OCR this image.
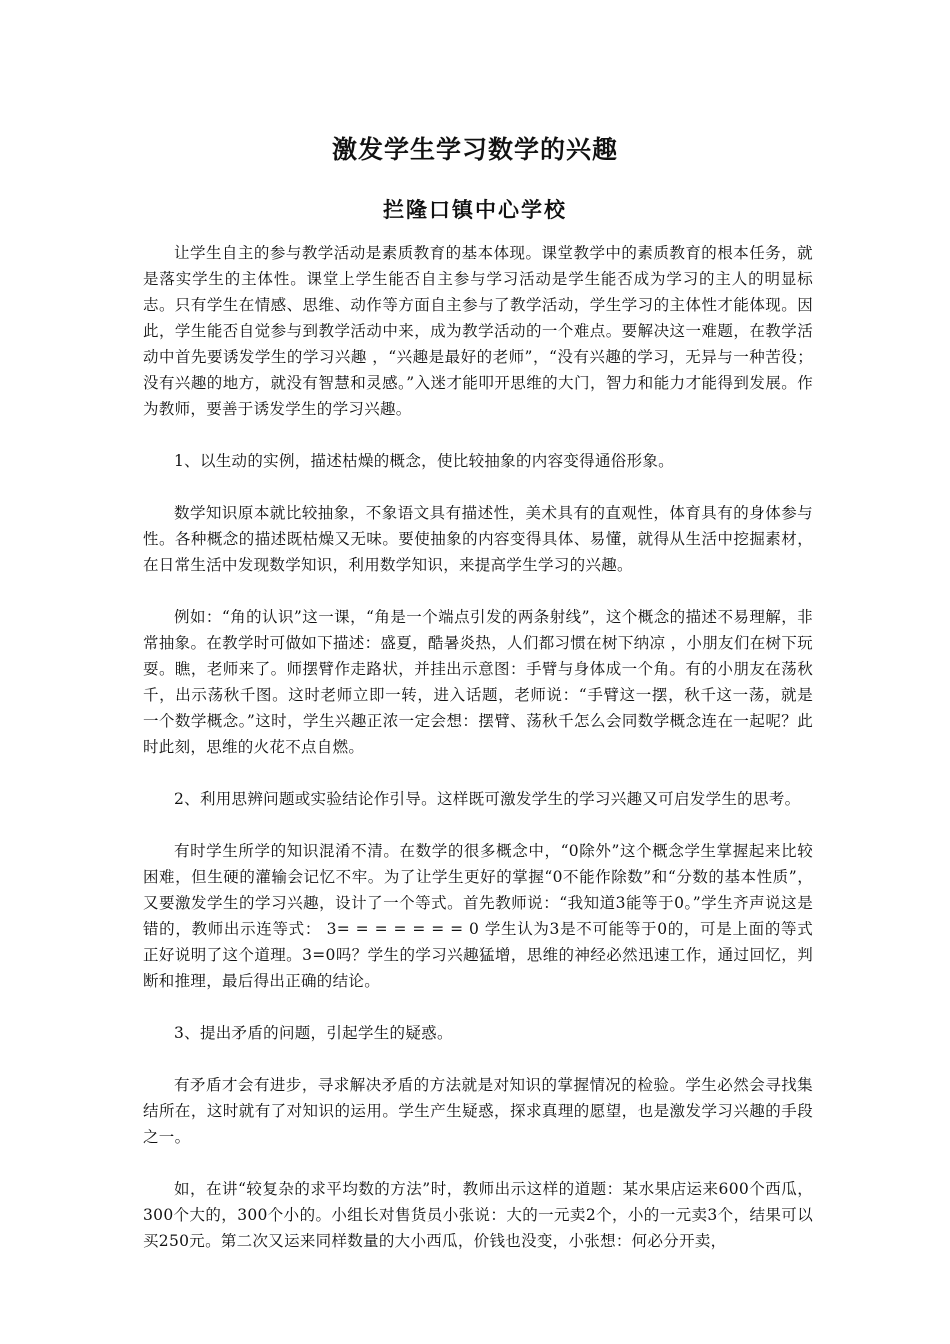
激发学生学习数学的兴趣
拦隆口镇中心学校

让学生自主的参与教学活动是素质教育的基本体现。课堂教学中的素质教育的根本任务，就是落实学生的主体性。课堂上学生能否自主参与学习活动是学生能否成为学习的主人的明显标志。只有学生在情感、思维、动作等方面自主参与了教学活动，学生学习的主体性才能体现。因此，学生能否自觉参与到教学活动中来，成为教学活动的一个难点。要解决这一难题，在教学活动中首先要诱发学生的学习兴趣 ，“兴趣是最好的老师”，“没有兴趣的学习，无异与一种苦役；没有兴趣的地方，就没有智慧和灵感。”入迷才能叩开思维的大门，智力和能力才能得到发展。作为教师，要善于诱发学生的学习兴趣。

1、以生动的实例，描述枯燥的概念，使比较抽象的内容变得通俗形象。

数学知识原本就比较抽象，不象语文具有描述性，美术具有的直观性，体育具有的身体参与性。各种概念的描述既枯燥又无味。要使抽象的内容变得具体、易懂，就得从生活中挖掘素材，在日常生活中发现数学知识，利用数学知识，来提高学生学习的兴趣。

例如：“角的认识”这一课，“角是一个端点引发的两条射线”，这个概念的描述不易理解，非常抽象。在教学时可做如下描述：盛夏，酷暑炎热，人们都习惯在树下纳凉 ，小朋友们在树下玩耍。瞧，老师来了。师摆臂作走路状，并挂出示意图：手臂与身体成一个角。有的小朋友在荡秋千，出示荡秋千图。这时老师立即一转，进入话题，老师说：“手臂这一摆，秋千这一荡，就是一个数学概念。”这时，学生兴趣正浓一定会想：摆臂、荡秋千怎么会同数学概念连在一起呢？此时此刻，思维的火花不点自燃。

2、利用思辨问题或实验结论作引导。这样既可激发学生的学习兴趣又可启发学生的思考。

有时学生所学的知识混淆不清。在数学的很多概念中，“0除外”这个概念学生掌握起来比较困难，但生硬的灌输会记忆不牢。为了让学生更好的掌握“0不能作除数”和“分数的基本性质”，又要激发学生的学习兴趣，设计了一个等式。首先教师说：“我知道3能等于0。”学生齐声说这是错的，教师出示连等式： 3= = = = = = = 0 学生认为3是不可能等于0的，可是上面的等式正好说明了这个道理。3=0吗？学生的学习兴趣猛增，思维的神经必然迅速工作，通过回忆，判断和推理，最后得出正确的结论。

3、提出矛盾的问题，引起学生的疑惑。

有矛盾才会有进步，寻求解决矛盾的方法就是对知识的掌握情况的检验。学生必然会寻找集结所在，这时就有了对知识的运用。学生产生疑惑，探求真理的愿望，也是激发学习兴趣的手段之一。

如，在讲“较复杂的求平均数的方法”时，教师出示这样的道题：某水果店运来600个西瓜，300个大的，300个小的。小组长对售货员小张说：大的一元卖2个，小的一元卖3个，结果可以买250元。第二次又运来同样数量的大小西瓜，价钱也没变，小张想：何必分开卖，
